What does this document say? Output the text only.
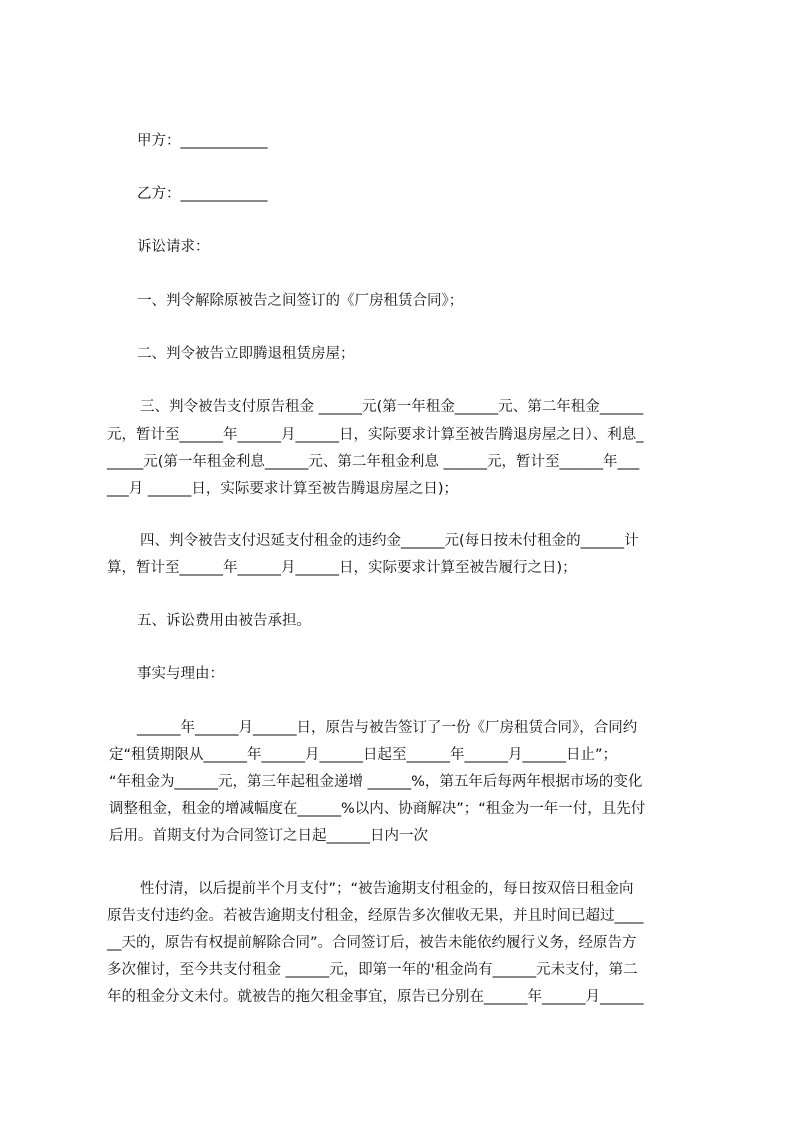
甲方：____________
乙方：____________
诉讼请求：
一、判令解除原被告之间签订的《厂房租赁合同》；
二、判令被告立即腾退租赁房屋；
三、判令被告支付原告租金 ______元(第一年租金______元、第二年租金______
元，暂计至______年______月______日，实际要求计算至被告腾退房屋之日）、利息_
_____元(第一年租金利息______元、第二年租金利息 ______元，暂计至______年___
___月 ______日，实际要求计算至被告腾退房屋之日)；
四、判令被告支付迟延支付租金的违约金______元(每日按未付租金的______计
算，暂计至______年______月______日，实际要求计算至被告履行之日)；
五、诉讼费用由被告承担。
事实与理由：
______年______月______日，原告与被告签订了一份《厂房租赁合同》，合同约
定“租赁期限从______年______月______日起至______年______月______日止”；
“年租金为______元，第三年起租金递增 ______%，第五年后每两年根据市场的变化
调整租金，租金的增减幅度在______%以内、协商解决”；“租金为一年一付，且先付
后用。首期支付为合同签订之日起______日内一次
性付清，以后提前半个月支付”；“被告逾期支付租金的，每日按双倍日租金向
原告支付违约金。若被告逾期支付租金，经原告多次催收无果，并且时间已超过____
__天的，原告有权提前解除合同”。合同签订后，被告未能依约履行义务，经原告方
多次催讨，至今共支付租金 ______元，即第一年的'租金尚有______元未支付，第二
年的租金分文未付。就被告的拖欠租金事宜，原告已分别在______年______月______
